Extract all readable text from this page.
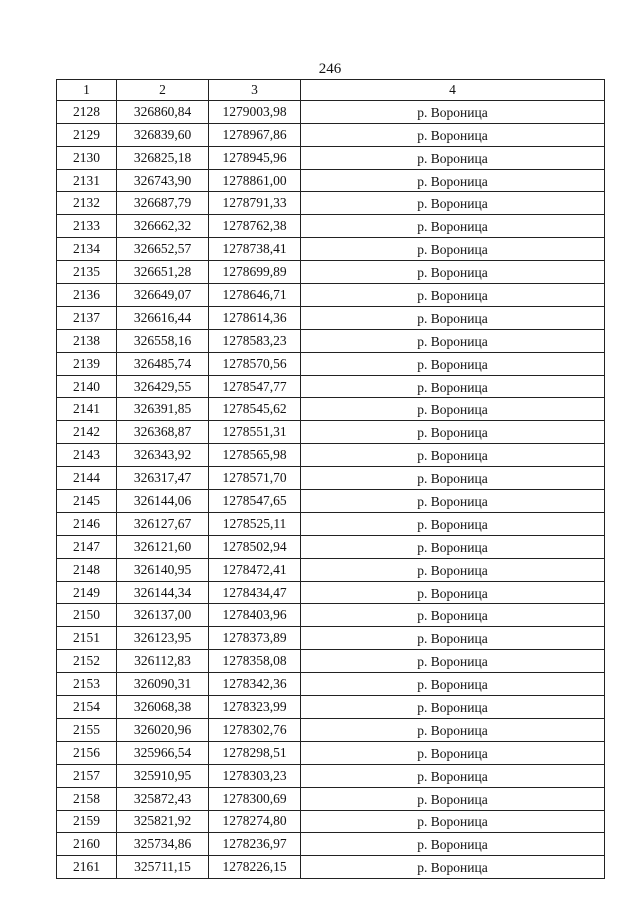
246
1	2	3	4
2128	326860,84	1279003,98	р. Вороница
2129	326839,60	1278967,86	р. Вороница
2130	326825,18	1278945,96	р. Вороница
2131	326743,90	1278861,00	р. Вороница
2132	326687,79	1278791,33	р. Вороница
2133	326662,32	1278762,38	р. Вороница
2134	326652,57	1278738,41	р. Вороница
2135	326651,28	1278699,89	р. Вороница
2136	326649,07	1278646,71	р. Вороница
2137	326616,44	1278614,36	р. Вороница
2138	326558,16	1278583,23	р. Вороница
2139	326485,74	1278570,56	р. Вороница
2140	326429,55	1278547,77	р. Вороница
2141	326391,85	1278545,62	р. Вороница
2142	326368,87	1278551,31	р. Вороница
2143	326343,92	1278565,98	р. Вороница
2144	326317,47	1278571,70	р. Вороница
2145	326144,06	1278547,65	р. Вороница
2146	326127,67	1278525,11	р. Вороница
2147	326121,60	1278502,94	р. Вороница
2148	326140,95	1278472,41	р. Вороница
2149	326144,34	1278434,47	р. Вороница
2150	326137,00	1278403,96	р. Вороница
2151	326123,95	1278373,89	р. Вороница
2152	326112,83	1278358,08	р. Вороница
2153	326090,31	1278342,36	р. Вороница
2154	326068,38	1278323,99	р. Вороница
2155	326020,96	1278302,76	р. Вороница
2156	325966,54	1278298,51	р. Вороница
2157	325910,95	1278303,23	р. Вороница
2158	325872,43	1278300,69	р. Вороница
2159	325821,92	1278274,80	р. Вороница
2160	325734,86	1278236,97	р. Вороница
2161	325711,15	1278226,15	р. Вороница
